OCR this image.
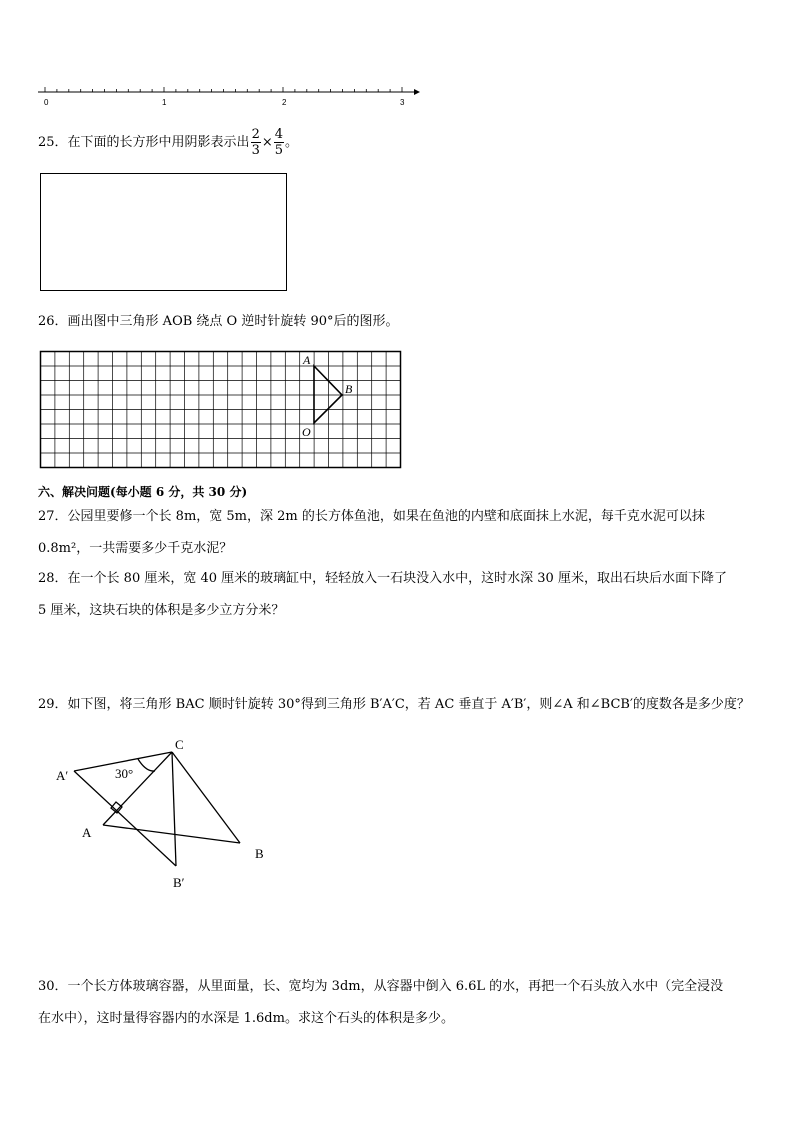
0	1	2	3
25．在下面的长方形中用阴影表示出 $\frac{2}{3} \times \frac{4}{5}$ 。
26．画出图中三角形 AOB 绕点 O 逆时针旋转 90°后的图形。
A
B
O
六、解决问题(每小题 6 分，共 30 分)
27．公园里要修一个长 8m，宽 5m，深 2m 的长方体鱼池，如果在鱼池的内壁和底面抹上水泥，每千克水泥可以抹
0.8m²，一共需要多少千克水泥？
28．在一个长 80 厘米，宽 40 厘米的玻璃缸中，轻轻放入一石块没入水中，这时水深 30 厘米，取出石块后水面下降了
5 厘米，这块石块的体积是多少立方分米？
29．如下图，将三角形 BAC 顺时针旋转 30°得到三角形 B′A′C，若 AC 垂直于 A′B′，则∠A 和∠BCB′的度数各是多少度？
C
A′
A
B
B′
30°
30．一个长方体玻璃容器，从里面量，长、宽均为 3dm，从容器中倒入 6.6L 的水，再把一个石头放入水中（完全浸没
在水中），这时量得容器内的水深是 1.6dm。求这个石头的体积是多少。
